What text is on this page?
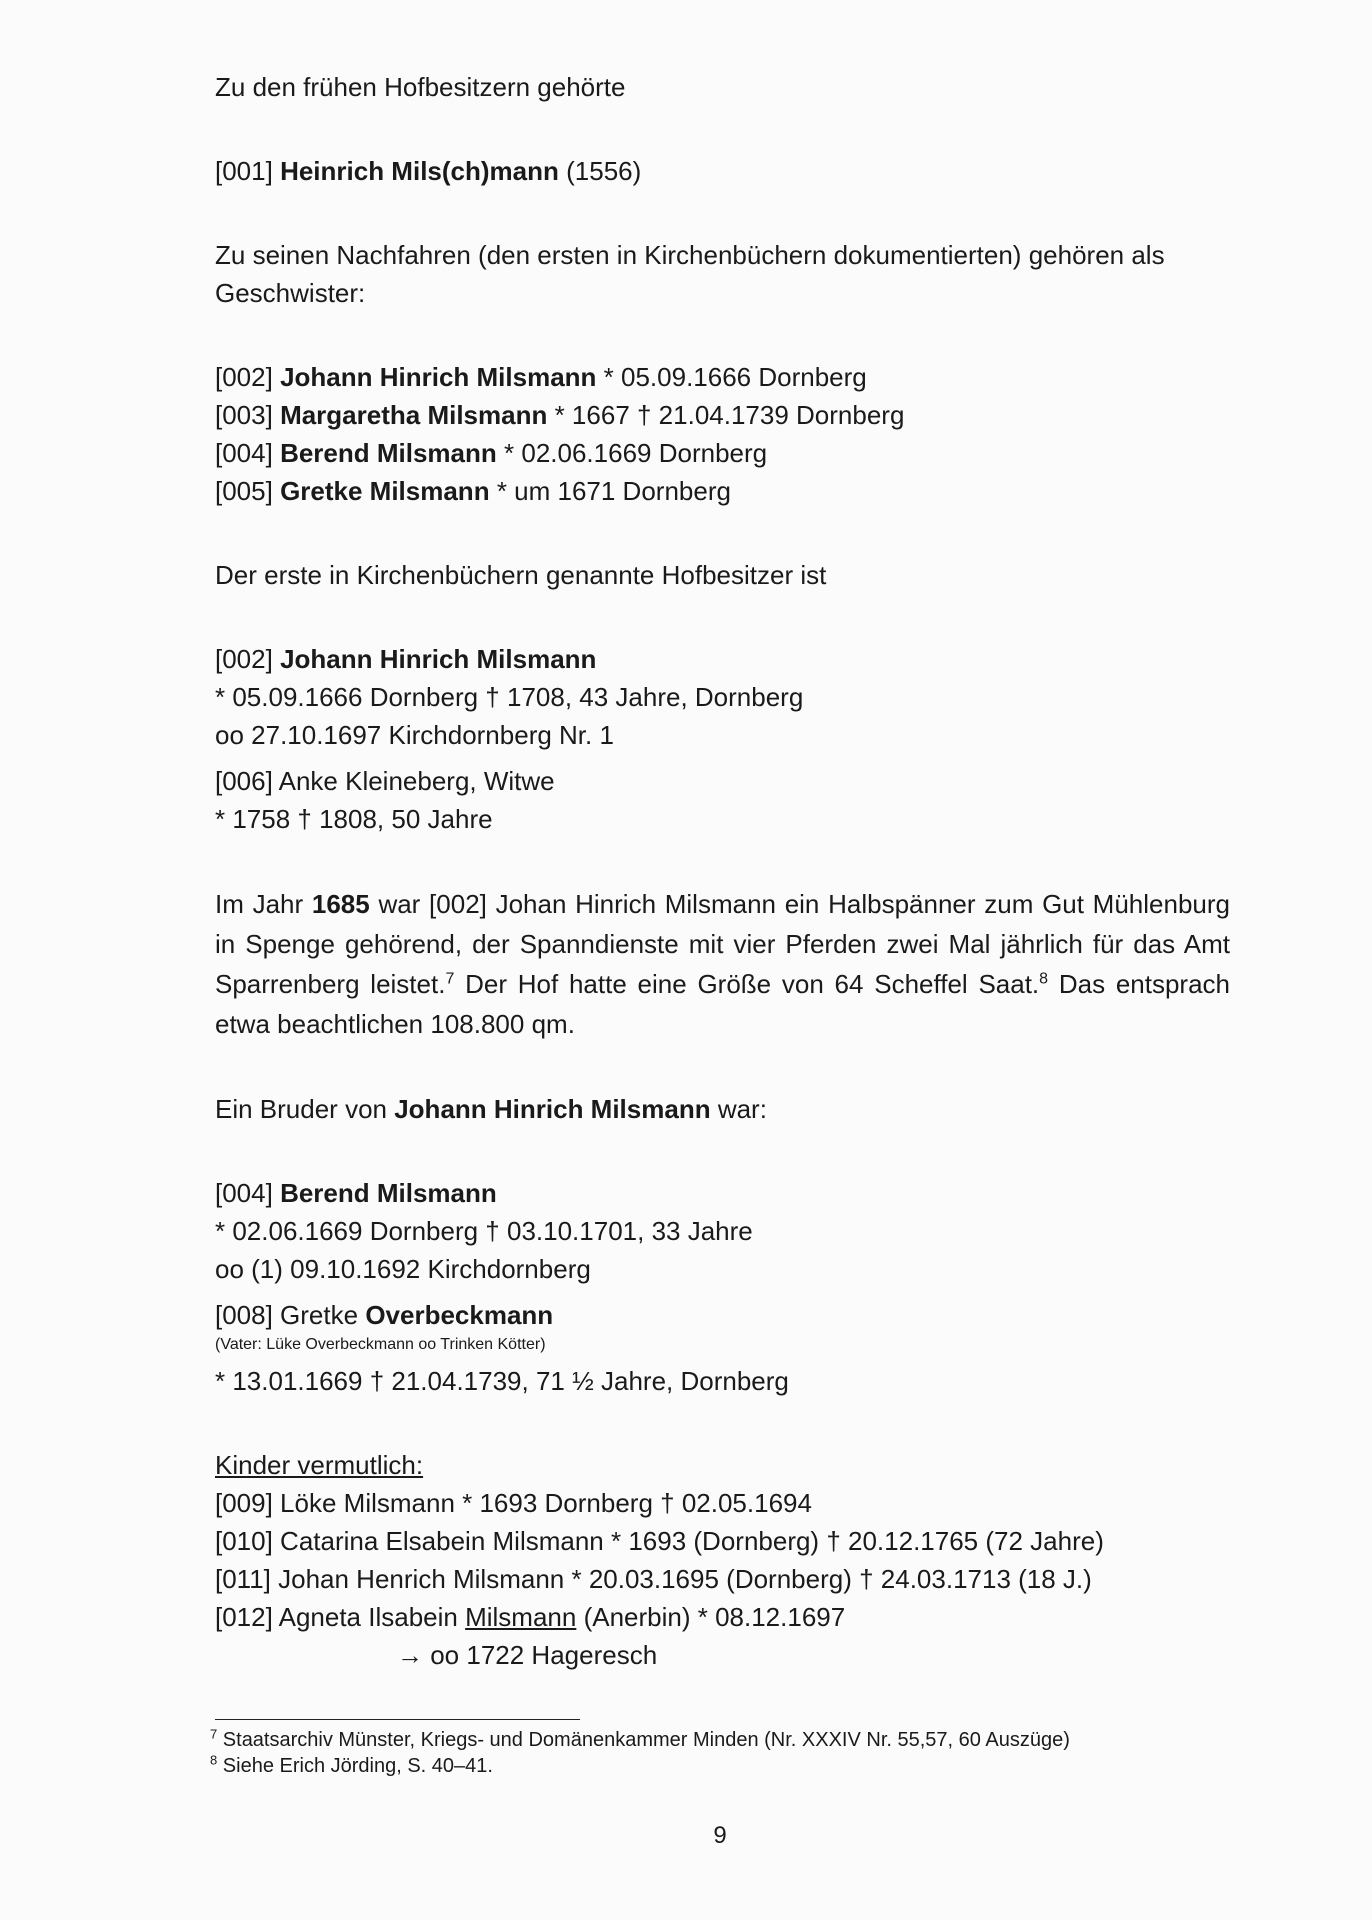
Zu den frühen Hofbesitzern gehörte

[001] Heinrich Mils(ch)mann (1556)

Zu seinen Nachfahren (den ersten in Kirchenbüchern dokumentierten) gehören als Geschwister:

[002] Johann Hinrich Milsmann * 05.09.1666 Dornberg

[003] Margaretha Milsmann * 1667 † 21.04.1739 Dornberg

[004] Berend Milsmann * 02.06.1669 Dornberg

[005] Gretke Milsmann * um 1671 Dornberg

Der erste in Kirchenbüchern genannte Hofbesitzer ist

[002] Johann Hinrich Milsmann

* 05.09.1666 Dornberg † 1708, 43 Jahre, Dornberg

oo 27.10.1697 Kirchdornberg Nr. 1

[006] Anke Kleineberg, Witwe

* 1758 † 1808, 50 Jahre

Im Jahr 1685 war [002] Johan Hinrich Milsmann ein Halbspänner zum Gut Mühlenburg in Spenge gehörend, der Spanndienste mit vier Pferden zwei Mal jährlich für das Amt Sparrenberg leistet.$^7$ Der Hof hatte eine Größe von 64 Scheffel Saat.$^8$ Das entsprach etwa beachtlichen 108.800 qm.

Ein Bruder von Johann Hinrich Milsmann war:

[004] Berend Milsmann

* 02.06.1669 Dornberg † 03.10.1701, 33 Jahre

oo (1) 09.10.1692 Kirchdornberg

[008] Gretke Overbeckmann

(Vater: Lüke Overbeckmann oo Trinken Kötter)

* 13.01.1669 † 21.04.1739, 71 ½ Jahre, Dornberg

Kinder vermutlich:

[009] Löke Milsmann * 1693 Dornberg † 02.05.1694

[010] Catarina Elsabein Milsmann * 1693 (Dornberg) † 20.12.1765 (72 Jahre)

[011] Johan Henrich Milsmann * 20.03.1695 (Dornberg) † 24.03.1713 (18 J.)

[012] Agneta Ilsabein Milsmann (Anerbin) * 08.12.1697

→ oo 1722 Hageresch

$^7$ Staatsarchiv Münster, Kriegs- und Domänenkammer Minden (Nr. XXXIV Nr. 55,57, 60 Auszüge)

$^8$ Siehe Erich Jörding, S. 40–41.

9
